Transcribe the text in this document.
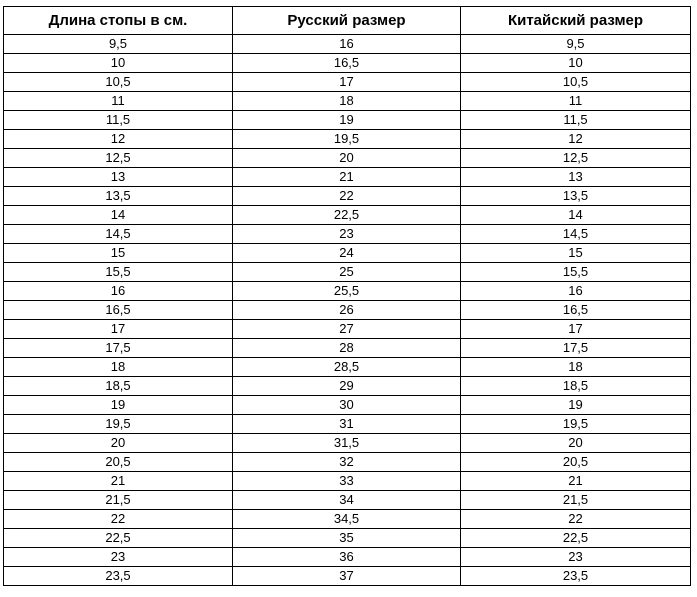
Длина стопы в см.	Русский размер	Китайский размер
9,5	16	9,5
10	16,5	10
10,5	17	10,5
11	18	11
11,5	19	11,5
12	19,5	12
12,5	20	12,5
13	21	13
13,5	22	13,5
14	22,5	14
14,5	23	14,5
15	24	15
15,5	25	15,5
16	25,5	16
16,5	26	16,5
17	27	17
17,5	28	17,5
18	28,5	18
18,5	29	18,5
19	30	19
19,5	31	19,5
20	31,5	20
20,5	32	20,5
21	33	21
21,5	34	21,5
22	34,5	22
22,5	35	22,5
23	36	23
23,5	37	23,5
